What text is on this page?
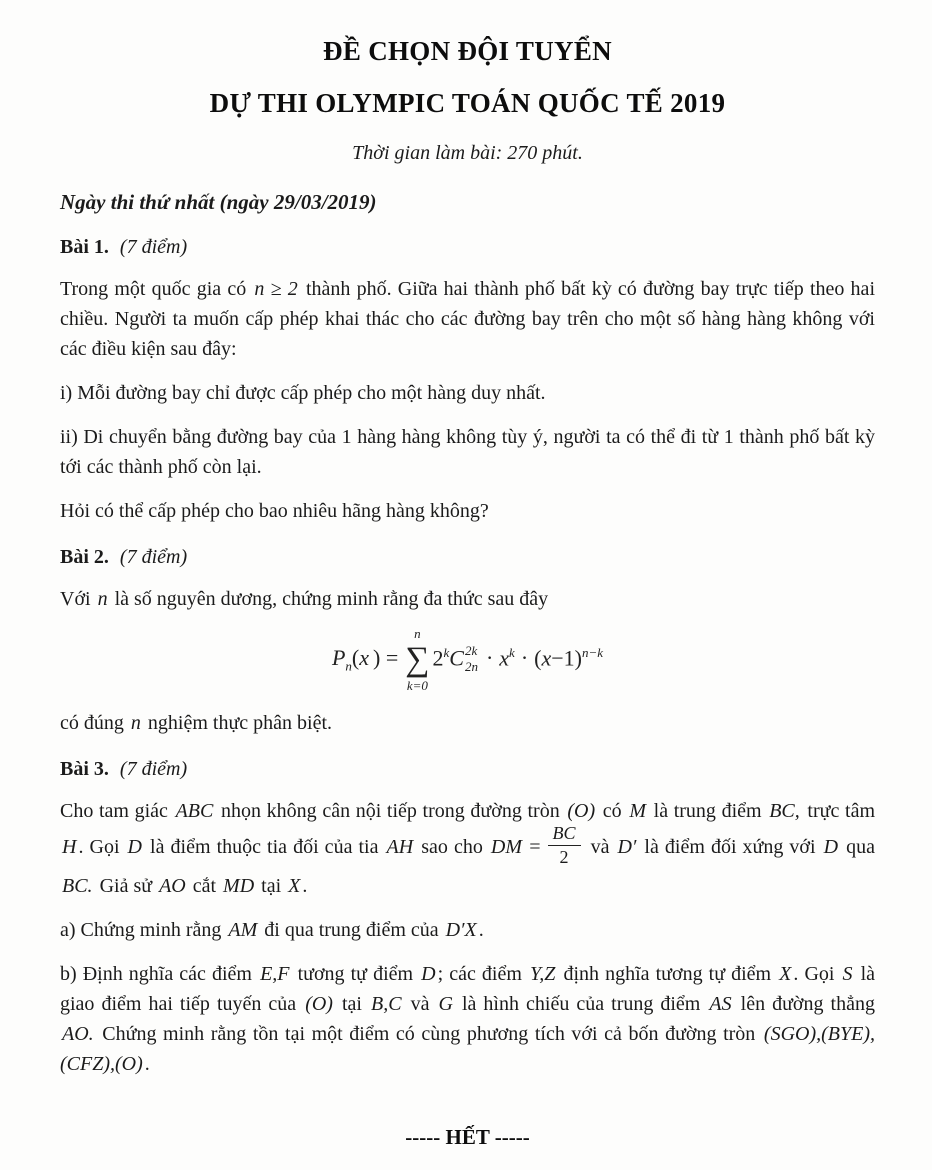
ĐỀ CHỌN ĐỘI TUYỂN
DỰ THI OLYMPIC TOÁN QUỐC TẾ 2019
Thời gian làm bài: 270 phút.
Ngày thi thứ nhất (ngày 29/03/2019)
Bài 1. (7 điểm)
Trong một quốc gia có n ≥ 2 thành phố. Giữa hai thành phố bất kỳ có đường bay trực tiếp theo hai chiều. Người ta muốn cấp phép khai thác cho các đường bay trên cho một số hàng hàng không với các điều kiện sau đây:
i) Mỗi đường bay chỉ được cấp phép cho một hàng duy nhất.
ii) Di chuyển bằng đường bay của 1 hàng hàng không tùy ý, người ta có thể đi từ 1 thành phố bất kỳ tới các thành phố còn lại.
Hỏi có thể cấp phép cho bao nhiêu hãng hàng không?
Bài 2. (7 điểm)
Với n là số nguyên dương, chứng minh rằng đa thức sau đây
$P_n(x$ ) =
n
∑
k=0
2$^k$C 2k
$2n \cdot x^k \cdot (x-1)^{n-k}$
có đúng n nghiệm thực phân biệt.
Bài 3. (7 điểm)
Cho tam giác ABC nhọn không cân nội tiếp trong đường tròn (O) có M là trung điểm BC, trực tâm H . Gọi D là điểm thuộc tia đối của tia AH sao cho DM = $\frac{BC}{2}$ và D′ là điểm đối xứng với D qua BC. Giả sử AO cắt MD tại X .
a) Chứng minh rằng AM đi qua trung điểm của D′X .
b) Định nghĩa các điểm E,F tương tự điểm D ; các điểm Y,Z định nghĩa tương tự điểm X . Gọi S là giao điểm hai tiếp tuyến của (O) tại B,C và G là hình chiếu của trung điểm AS lên đường thẳng AO. Chứng minh rằng tồn tại một điểm có cùng phương tích với cả bốn đường tròn (SGO),(BYE),(CFZ),(O) .
----- HẾT -----
